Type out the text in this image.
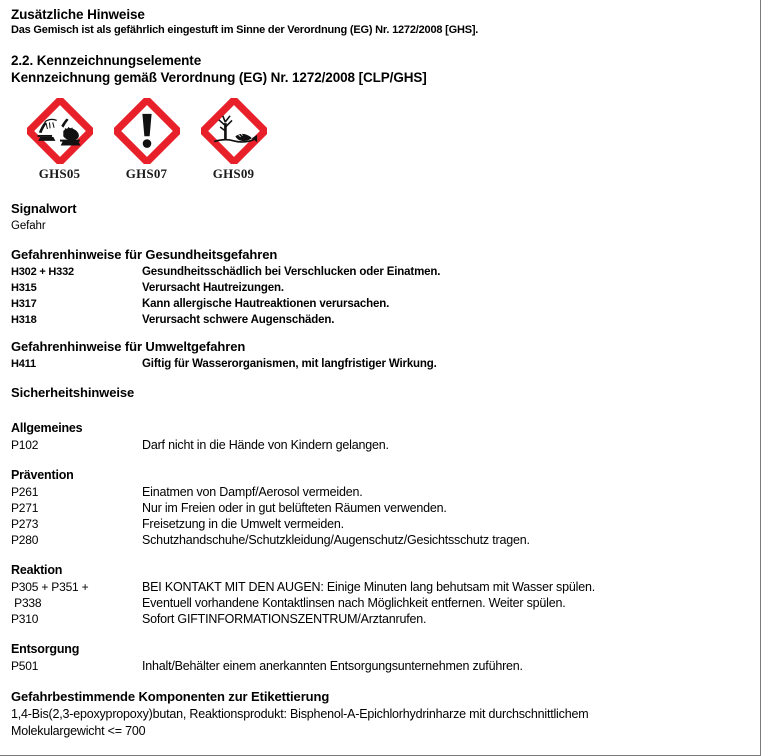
Zusätzliche Hinweise
Das Gemisch ist als gefährlich eingestuft im Sinne der Verordnung (EG) Nr. 1272/2008 [GHS].
2.2. Kennzeichnungselemente
Kennzeichnung gemäß Verordnung (EG) Nr. 1272/2008 [CLP/GHS]
GHS05	GHS07	GHS09
Signalwort
Gefahr
Gefahrenhinweise für Gesundheitsgefahren
H302 + H332	Gesundheitsschädlich bei Verschlucken oder Einatmen.
H315	Verursacht Hautreizungen.
H317	Kann allergische Hautreaktionen verursachen.
H318	Verursacht schwere Augenschäden.
Gefahrenhinweise für Umweltgefahren
H411	Giftig für Wasserorganismen, mit langfristiger Wirkung.
Sicherheitshinweise
Allgemeines
P102	Darf nicht in die Hände von Kindern gelangen.
Prävention
P261	Einatmen von Dampf/Aerosol vermeiden.
P271	Nur im Freien oder in gut belüfteten Räumen verwenden.
P273	Freisetzung in die Umwelt vermeiden.
P280	Schutzhandschuhe/Schutzkleidung/Augenschutz/Gesichtsschutz tragen.
Reaktion
P305 + P351 +	BEI KONTAKT MIT DEN AUGEN: Einige Minuten lang behutsam mit Wasser spülen.
P338	Eventuell vorhandene Kontaktlinsen nach Möglichkeit entfernen. Weiter spülen.
P310	Sofort GIFTINFORMATIONSZENTRUM/Arztanrufen.
Entsorgung
P501	Inhalt/Behälter einem anerkannten Entsorgungsunternehmen zuführen.
Gefahrbestimmende Komponenten zur Etikettierung
1,4-Bis(2,3-epoxypropoxy)butan, Reaktionsprodukt: Bisphenol-A-Epichlorhydrinharze mit durchschnittlichem
Molekulargewicht <= 700
